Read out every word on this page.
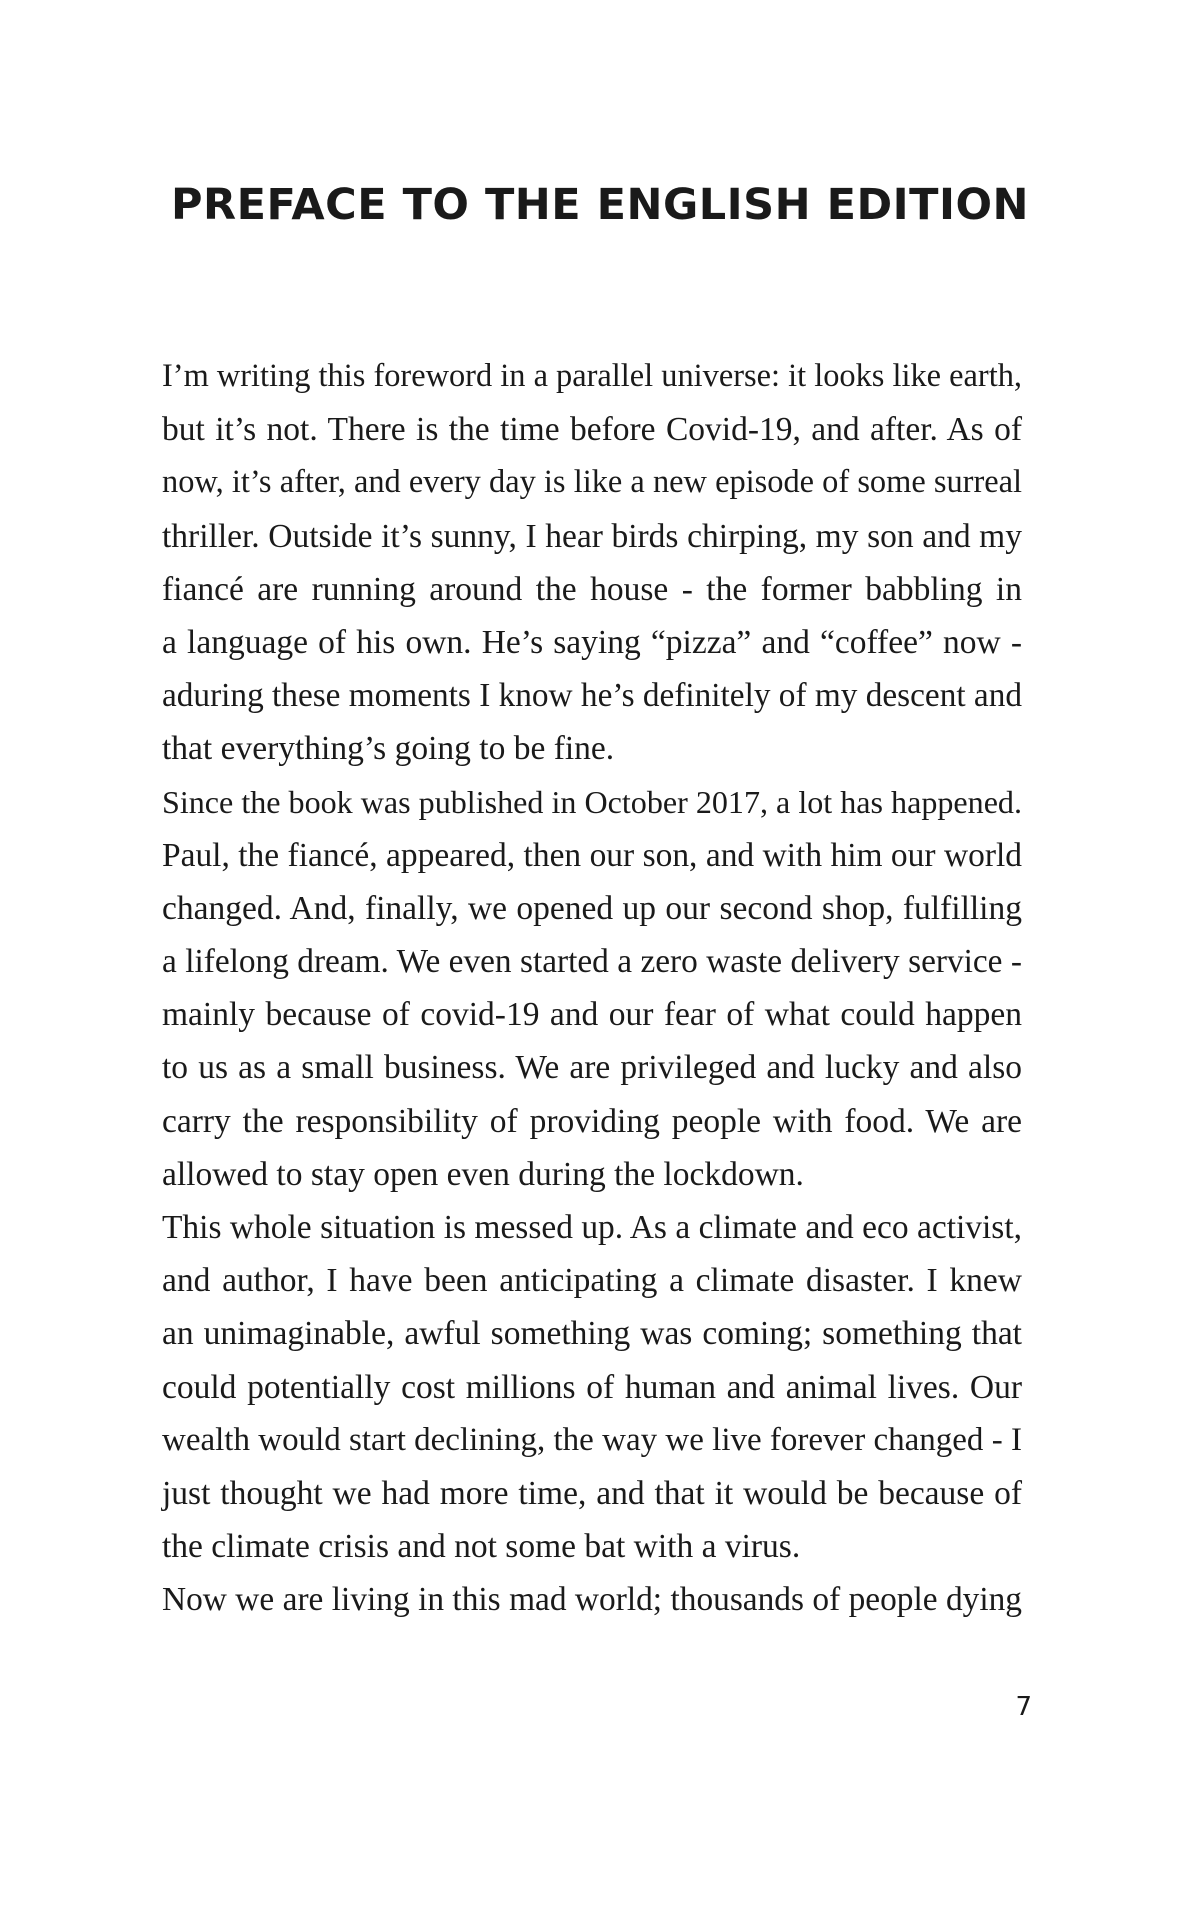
PREFACE TO THE ENGLISH EDITION
I’m writing this foreword in a parallel universe: it looks like earth,
but it’s not. There is the time before Covid-19, and after. As of
now, it’s after, and every day is like a new episode of some surreal
thriller. Outside it’s sunny, I hear birds chirping, my son and my
fiancé are running around the house - the former babbling in
a language of his own. He’s saying “pizza” and “coffee” now -
aduring these moments I know he’s definitely of my descent and
that everything’s going to be fine.
Since the book was published in October 2017, a lot has happened.
Paul, the fiancé, appeared, then our son, and with him our world
changed. And, finally, we opened up our second shop, fulfilling
a lifelong dream. We even started a zero waste delivery service -
mainly because of covid-19 and our fear of what could happen
to us as a small business. We are privileged and lucky and also
carry the responsibility of providing people with food. We are
allowed to stay open even during the lockdown.
This whole situation is messed up. As a climate and eco activist,
and author, I have been anticipating a climate disaster. I knew
an unimaginable, awful something was coming; something that
could potentially cost millions of human and animal lives. Our
wealth would start declining, the way we live forever changed - I
just thought we had more time, and that it would be because of
the climate crisis and not some bat with a virus.
Now we are living in this mad world; thousands of people dying
7
